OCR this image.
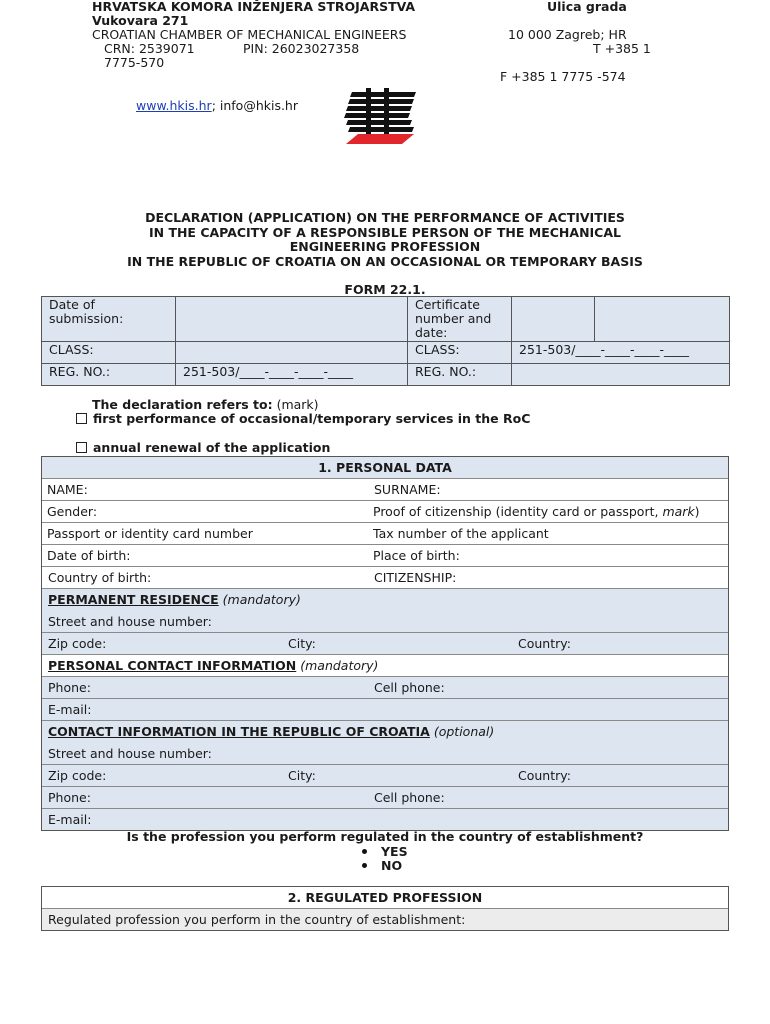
HRVATSKA KOMORA INŽENJERA STROJARSTVA	Ulica grada
Vukovara 271
CROATIAN CHAMBER OF MECHANICAL ENGINEERS	10 000 Zagreb; HR
CRN: 2539071	PIN: 26023027358	T +385 1
7775-570
F +385 1 7775 -574
www.hkis.hr; info@hkis.hr
DECLARATION (APPLICATION) ON THE PERFORMANCE OF ACTIVITIES
IN THE CAPACITY OF A RESPONSIBLE PERSON OF THE MECHANICAL
ENGINEERING PROFESSION
IN THE REPUBLIC OF CROATIA ON AN OCCASIONAL OR TEMPORARY BASIS
FORM 22.1.
Date of submission:		Certificate number and date:		
CLASS:		CLASS:	251-503/____-____-____-____	
REG. NO.:	251-503/____-____-____-____	REG. NO.:		
The declaration refers to: (mark)
first performance of occasional/temporary services in the RoC
annual renewal of the application
1. PERSONAL DATA
NAME:	SURNAME:
Gender:	Proof of citizenship (identity card or passport, mark)
Passport or identity card number	Tax number of the applicant
Date of birth:	Place of birth:
Country of birth:	CITIZENSHIP:
PERMANENT RESIDENCE (mandatory)
Street and house number:
Zip code:	City:	Country:
PERSONAL CONTACT INFORMATION (mandatory)
Phone:	Cell phone:
E-mail:
CONTACT INFORMATION IN THE REPUBLIC OF CROATIA (optional)
Street and house number:
Zip code:	City:	Country:
Phone:	Cell phone:
E-mail:
Is the profession you perform regulated in the country of establishment?
YES
NO
2. REGULATED PROFESSION
Regulated profession you perform in the country of establishment:
